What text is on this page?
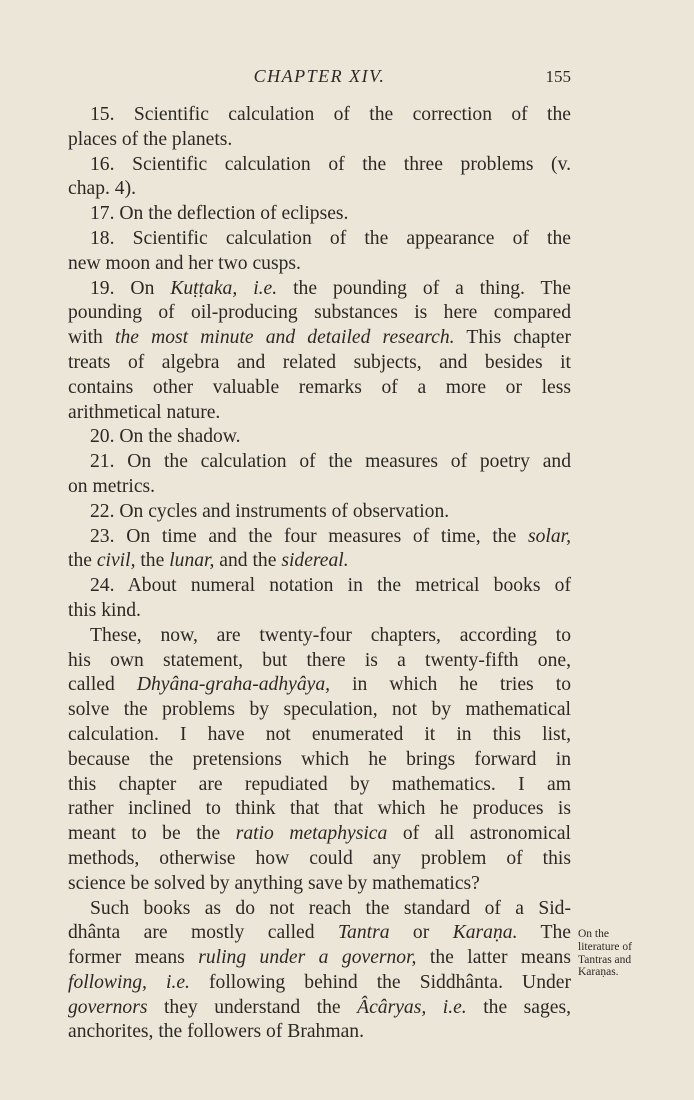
CHAPTER XIV.	155
15. Scientific calculation of the correction of the
places of the planets.
16. Scientific calculation of the three problems (v.
chap. 4).
17. On the deflection of eclipses.
18. Scientific calculation of the appearance of the
new moon and her two cusps.
19. On Kuṭṭaka, i.e. the pounding of a thing. The
pounding of oil-producing substances is here compared
with the most minute and detailed research. This chapter
treats of algebra and related subjects, and besides it
contains other valuable remarks of a more or less
arithmetical nature.
20. On the shadow.
21. On the calculation of the measures of poetry and
on metrics.
22. On cycles and instruments of observation.
23. On time and the four measures of time, the solar,
the civil, the lunar, and the sidereal.
24. About numeral notation in the metrical books of
this kind.
These, now, are twenty-four chapters, according to
his own statement, but there is a twenty-fifth one,
called Dhyâna-graha-adhyâya, in which he tries to
solve the problems by speculation, not by mathematical
calculation. I have not enumerated it in this list,
because the pretensions which he brings forward in
this chapter are repudiated by mathematics. I am
rather inclined to think that that which he produces is
meant to be the ratio metaphysica of all astronomical
methods, otherwise how could any problem of this
science be solved by anything save by mathematics?
Such books as do not reach the standard of a Sid-
dhânta are mostly called Tantra or Karaṇa. The
former means ruling under a governor, the latter means
following, i.e. following behind the Siddhânta. Under
governors they understand the Âcâryas, i.e. the sages,
anchorites, the followers of Brahman.
On the
literature of
Tantras and
Karaṇas.
